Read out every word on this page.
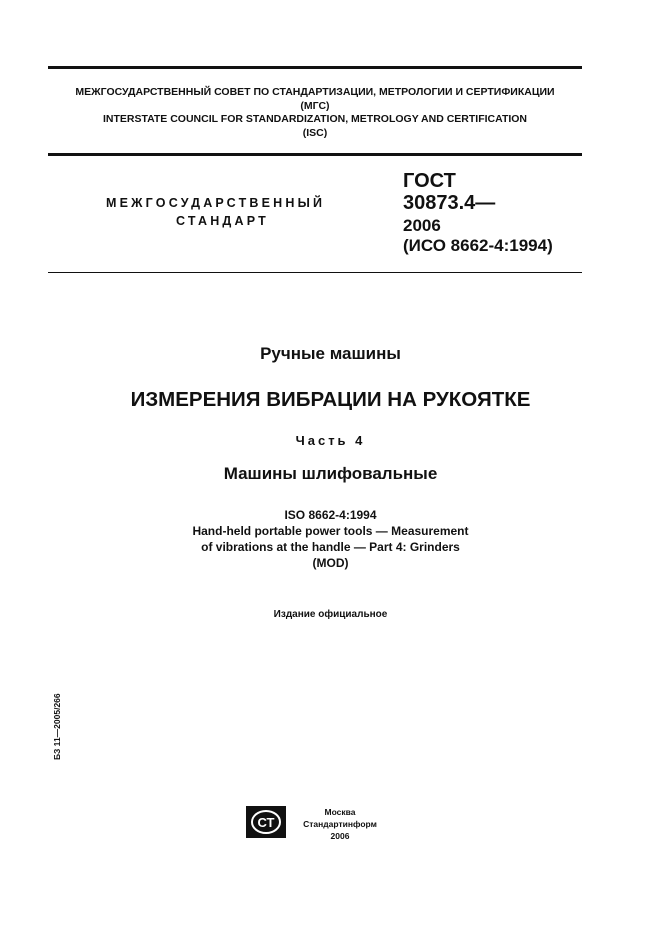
МЕЖГОСУДАРСТВЕННЫЙ СОВЕТ ПО СТАНДАРТИЗАЦИИ, МЕТРОЛОГИИ И СЕРТИФИКАЦИИ
(МГС)
INTERSTATE COUNCIL FOR STANDARDIZATION, METROLOGY AND CERTIFICATION
(ISC)
МЕЖГОСУДАРСТВЕННЫЙ
СТАНДАРТ
ГОСТ
30873.4—
2006
(ИСО 8662-4:1994)
Ручные машины
ИЗМЕРЕНИЯ ВИБРАЦИИ НА РУКОЯТКЕ
Часть 4
Машины шлифовальные
ISO 8662-4:1994
Hand-held portable power tools — Measurement
of vibrations at the handle — Part 4: Grinders
(MOD)
Издание официальное
БЗ 11—2005/266
СТ
Москва
Стандартинформ
2006
